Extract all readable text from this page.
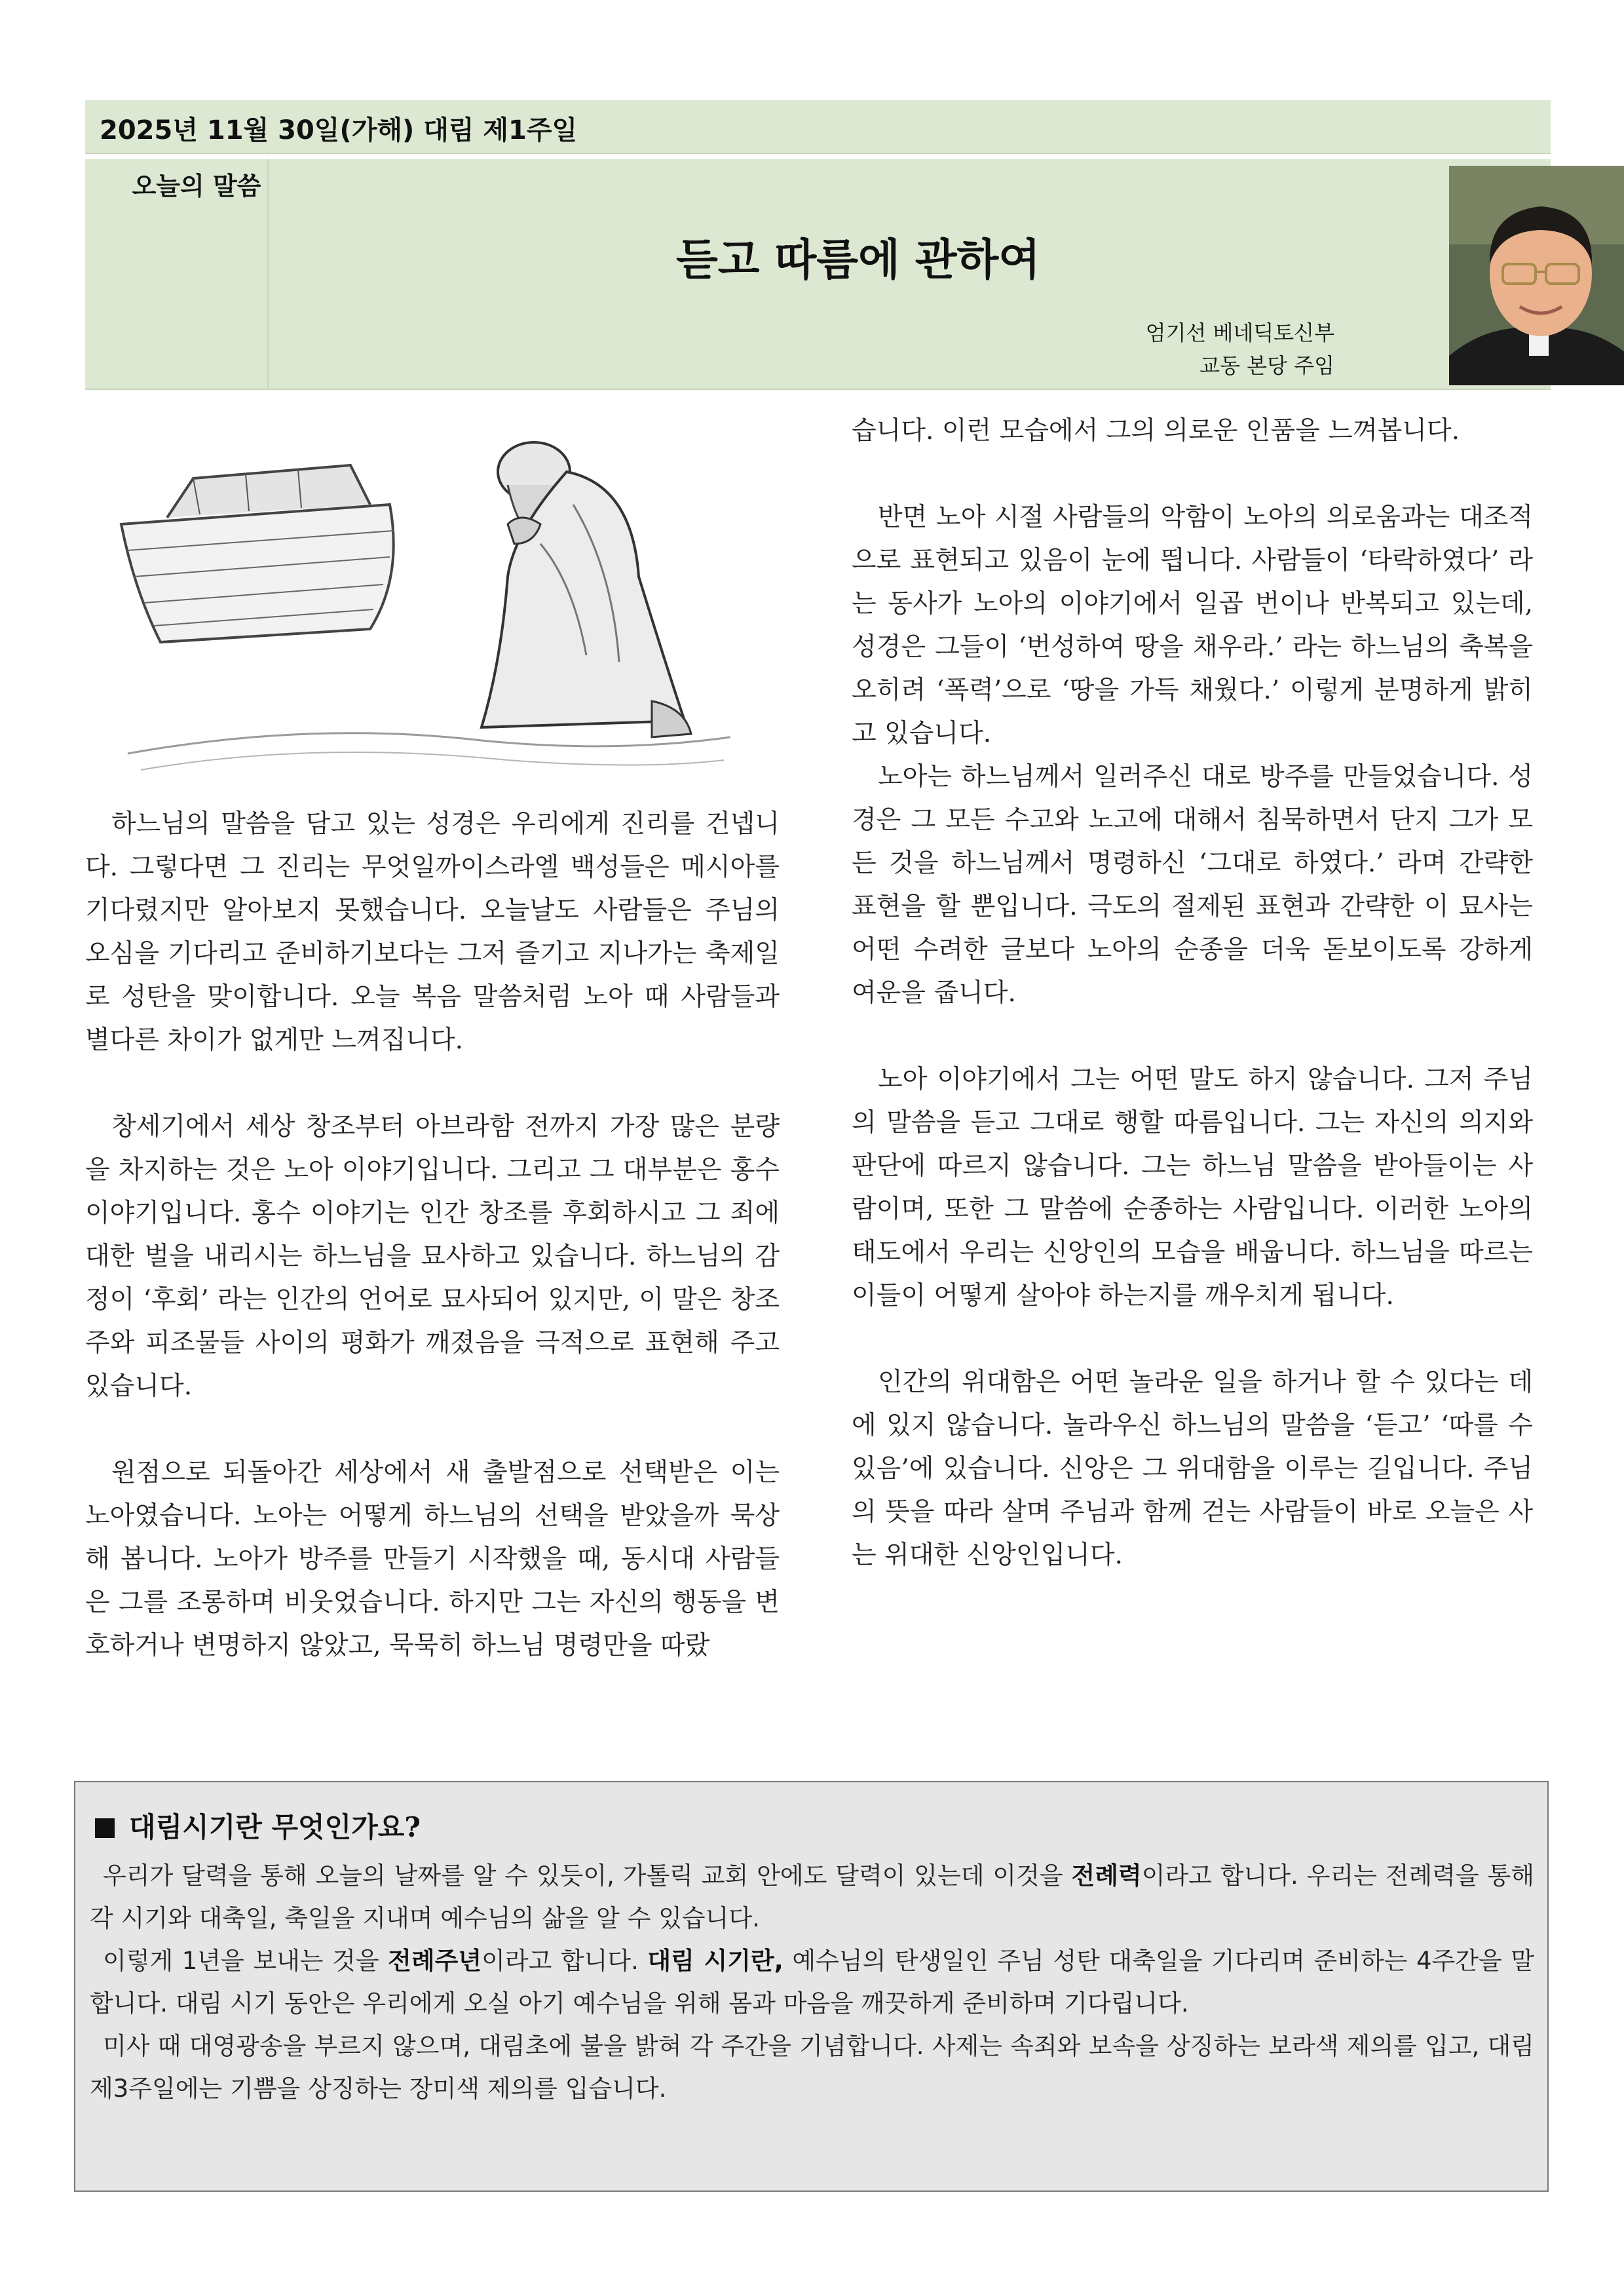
2025년 11월 30일(가해) 대림 제1주일
오늘의 말씀
듣고 따름에 관하여
엄기선 베네딕토신부
교동 본당 주임

하느님의 말씀을 담고 있는 성경은 우리에게 진리를 건넵니다. 그렇다면 그 진리는 무엇일까이스라엘 백성들은 메시아를 기다렸지만 알아보지 못했습니다. 오늘날도 사람들은 주님의 오심을 기다리고 준비하기보다는 그저 즐기고 지나가는 축제일로 성탄을 맞이합니다. 오늘 복음 말씀처럼 노아 때 사람들과 별다른 차이가 없게만 느껴집니다.

창세기에서 세상 창조부터 아브라함 전까지 가장 많은 분량을 차지하는 것은 노아 이야기입니다. 그리고 그 대부분은 홍수 이야기입니다. 홍수 이야기는 인간 창조를 후회하시고 그 죄에 대한 벌을 내리시는 하느님을 묘사하고 있습니다. 하느님의 감정이 ‘후회’ 라는 인간의 언어로 묘사되어 있지만, 이 말은 창조주와 피조물들 사이의 평화가 깨졌음을 극적으로 표현해 주고 있습니다.

원점으로 되돌아간 세상에서 새 출발점으로 선택받은 이는 노아였습니다. 노아는 어떻게 하느님의 선택을 받았을까 묵상해 봅니다. 노아가 방주를 만들기 시작했을 때, 동시대 사람들은 그를 조롱하며 비웃었습니다. 하지만 그는 자신의 행동을 변호하거나 변명하지 않았고, 묵묵히 하느님 명령만을 따랐

습니다. 이런 모습에서 그의 의로운 인품을 느껴봅니다.

반면 노아 시절 사람들의 악함이 노아의 의로움과는 대조적으로 표현되고 있음이 눈에 띕니다. 사람들이 ‘타락하였다’ 라는 동사가 노아의 이야기에서 일곱 번이나 반복되고 있는데, 성경은 그들이 ‘번성하여 땅을 채우라.’ 라는 하느님의 축복을 오히려 ‘폭력’으로 ‘땅을 가득 채웠다.’ 이렇게 분명하게 밝히고 있습니다.

노아는 하느님께서 일러주신 대로 방주를 만들었습니다. 성경은 그 모든 수고와 노고에 대해서 침묵하면서 단지 그가 모든 것을 하느님께서 명령하신 ‘그대로 하였다.’ 라며 간략한 표현을 할 뿐입니다. 극도의 절제된 표현과 간략한 이 묘사는 어떤 수려한 글보다 노아의 순종을 더욱 돋보이도록 강하게 여운을 줍니다.

노아 이야기에서 그는 어떤 말도 하지 않습니다. 그저 주님의 말씀을 듣고 그대로 행할 따름입니다. 그는 자신의 의지와 판단에 따르지 않습니다. 그는 하느님 말씀을 받아들이는 사람이며, 또한 그 말씀에 순종하는 사람입니다. 이러한 노아의 태도에서 우리는 신앙인의 모습을 배웁니다. 하느님을 따르는 이들이 어떻게 살아야 하는지를 깨우치게 됩니다.

인간의 위대함은 어떤 놀라운 일을 하거나 할 수 있다는 데에 있지 않습니다. 놀라우신 하느님의 말씀을 ‘듣고’ ‘따를 수 있음’에 있습니다. 신앙은 그 위대함을 이루는 길입니다. 주님의 뜻을 따라 살며 주님과 함께 걷는 사람들이 바로 오늘은 사는 위대한 신앙인입니다.

대림시기란 무엇인가요?

우리가 달력을 통해 오늘의 날짜를 알 수 있듯이, 가톨릭 교회 안에도 달력이 있는데 이것을 전례력이라고 합니다. 우리는 전례력을 통해 각 시기와 대축일, 축일을 지내며 예수님의 삶을 알 수 있습니다.

이렇게 1년을 보내는 것을 전례주년이라고 합니다. 대림 시기란, 예수님의 탄생일인 주님 성탄 대축일을 기다리며 준비하는 4주간을 말합니다. 대림 시기 동안은 우리에게 오실 아기 예수님을 위해 몸과 마음을 깨끗하게 준비하며 기다립니다.

미사 때 대영광송을 부르지 않으며, 대림초에 불을 밝혀 각 주간을 기념합니다. 사제는 속죄와 보속을 상징하는 보라색 제의를 입고, 대림 제3주일에는 기쁨을 상징하는 장미색 제의를 입습니다.
